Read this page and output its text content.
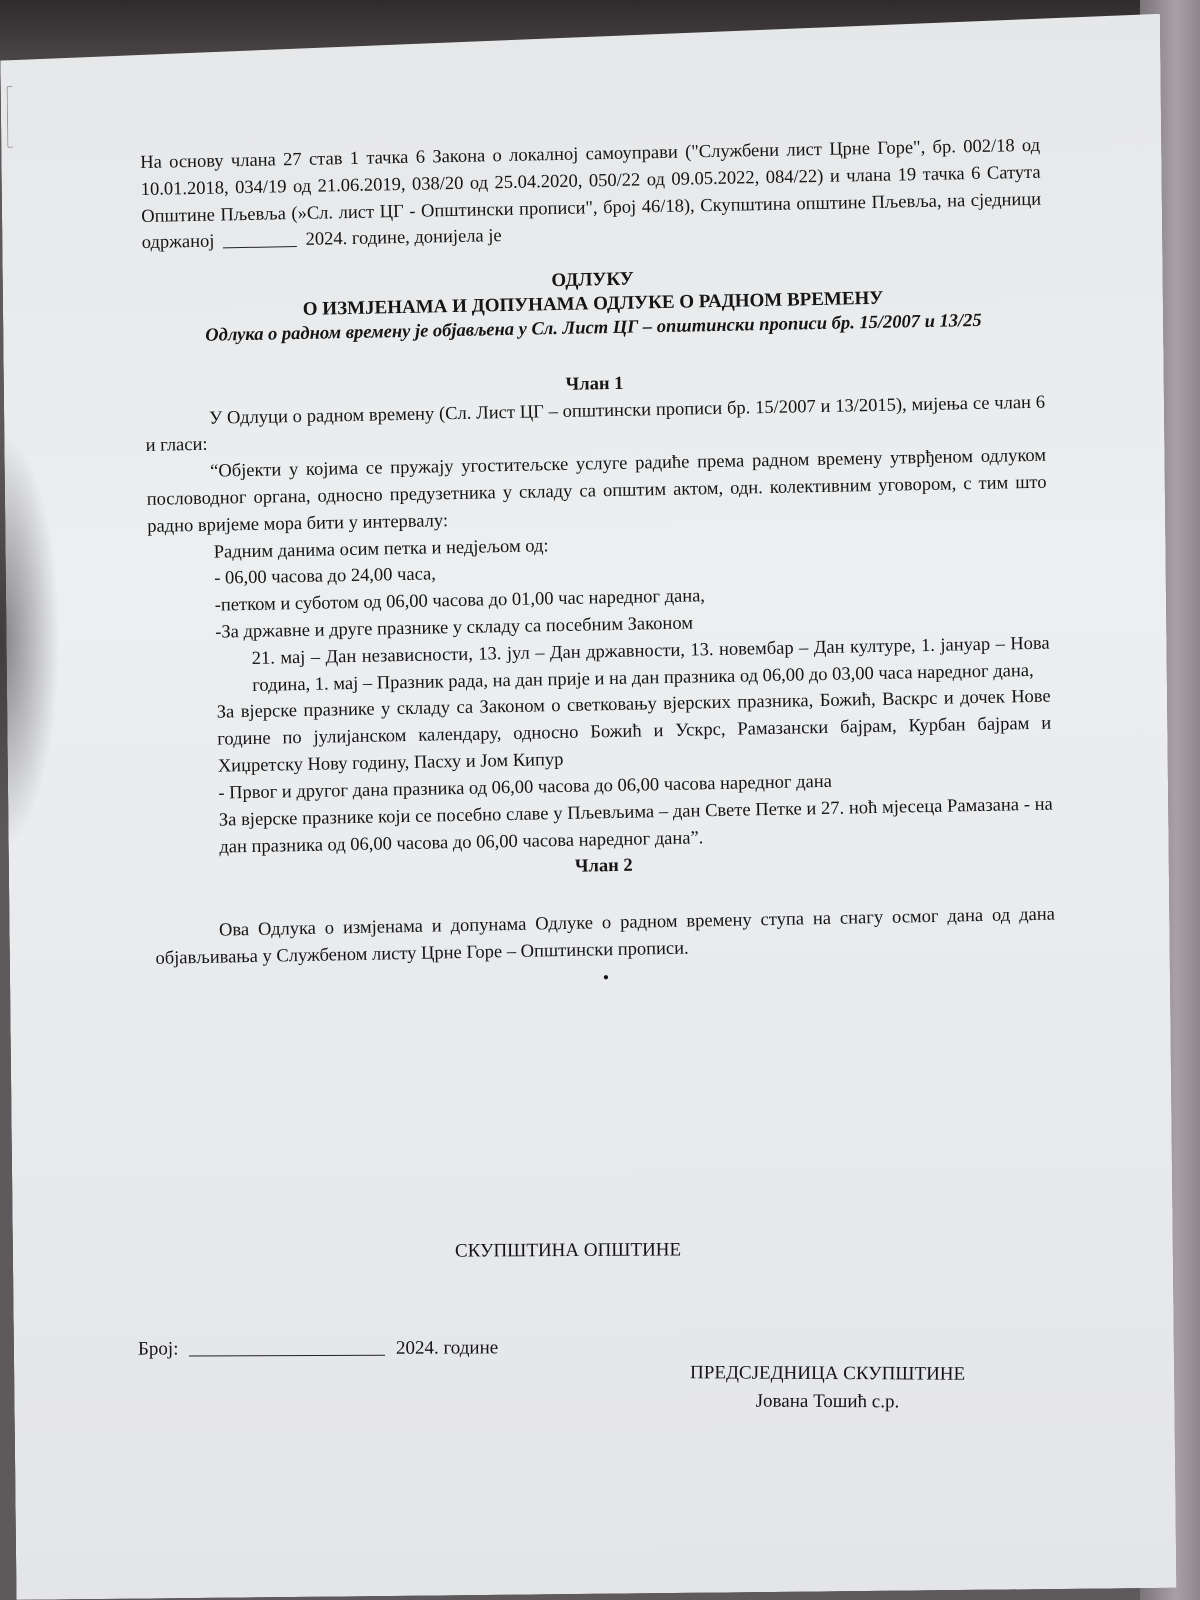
На основу члана 27 став 1 тачка 6 Закона о локалној самоуправи ("Службени лист Црне Горе", бр. 002/18 од 10.01.2018, 034/19 од 21.06.2019, 038/20 од 25.04.2020, 050/22 од 09.05.2022, 084/22) и члана 19 тачка 6 Сатута Општине Пљевља (»Сл. лист ЦГ - Општински прописи", број 46/18), Скупштина општине Пљевља, на сједници одржаној	2024. године, донијела је

ОДЛУКУ
О ИЗМЈЕНАМА И ДОПУНАМА ОДЛУКЕ О РАДНОМ ВРЕМЕНУ

Одлука о радном времену је објављена у Сл. Лист ЦГ – општински прописи бр. 15/2007 и 13/25

Члан 1

У Одлуци о радном времену (Сл. Лист ЦГ – општински прописи бр. 15/2007 и 13/2015), мијења се члан 6 и гласи:

“Објекти у којима се пружају угоститељске услуге радиће према радном времену утврђеном одлуком пословодног органа, односно предузетника у складу са општим актом, одн. колективним уговором, с тим што радно вријеме мора бити у интервалу:

Радним данима осим петка и недјељом од:

- 06,00 часова до 24,00 часа,

-петком и суботом од 06,00 часова до 01,00 час наредног дана,

-За државне и друге празнике у складу са посебним Законом

21. мај – Дан независности, 13. јул – Дан државности, 13. новембар – Дан културе, 1. јануар – Нова година, 1. мај – Празник рада, на дан прије и на дан празника од 06,00 до 03,00 часа наредног дана,

За вјерске празнике у складу са Законом о светковању вјерских празника, Божић, Васкрс и дочек Нове године по јулијанском календару, односно Божић и Ускрс, Рамазански бајрам, Курбан бајрам и Хиџретску Нову годину, Пасху и Јом Кипур

- Првог и другог дана празника од 06,00 часова до 06,00 часова наредног дана

За вјерске празнике који се посебно славе у Пљевљима – дан Свете Петке и 27. ноћ мјесеца Рамазана - на дан празника од 06,00 часова до 06,00 часова наредног дана”.

Члан 2

Ова Одлука о измјенама и допунама Одлуке о радном времену ступа на снагу осмог дана од дана објављивања у Службеном листу Црне Горе – Општински прописи.

•

СКУПШТИНА ОПШТИНЕ
Број:	2024. године
ПРЕДСЈЕДНИЦА СКУПШТИНЕ
Јована Тошић с.р.
